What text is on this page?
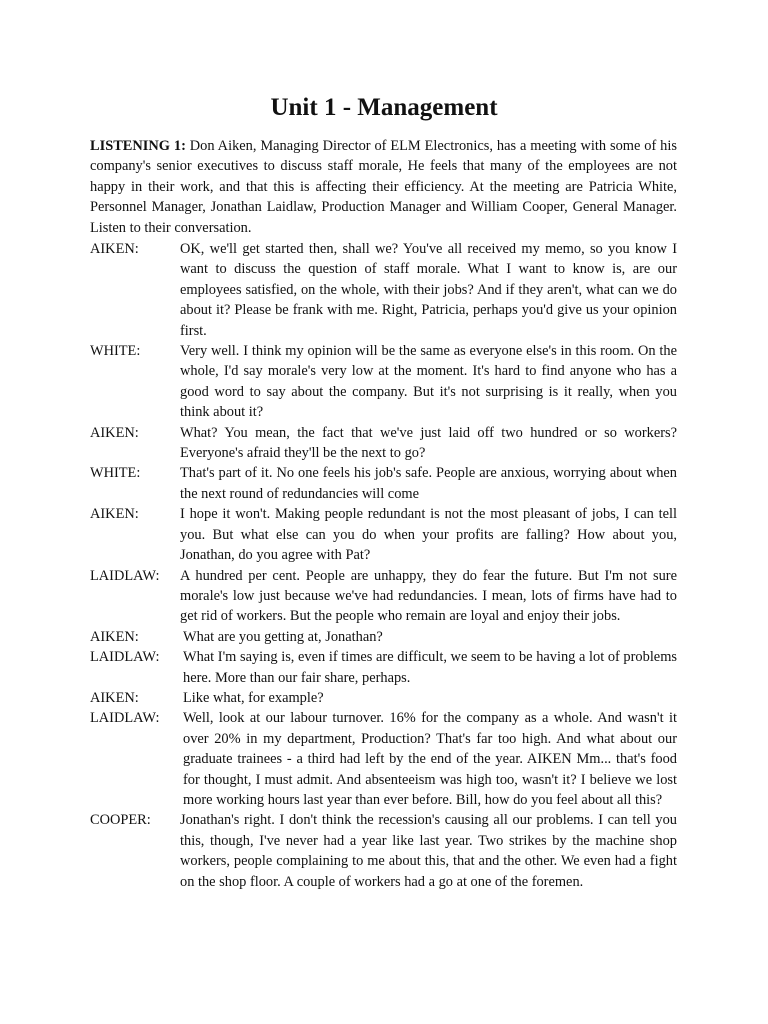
Unit 1 - Management

LISTENING 1: Don Aiken, Managing Director of ELM Electronics, has a meeting with some of his company's senior executives to discuss staff morale, He feels that many of the employees are not happy in their work, and that this is affecting their efficiency. At the meeting are Patricia White, Personnel Manager, Jonathan Laidlaw, Production Manager and William Cooper, General Manager. Listen to their conversation.

AIKEN:	OK, we'll get started then, shall we? You've all received my memo, so you know I want to discuss the question of staff morale. What I want to know is, are our employees satisfied, on the whole, with their jobs? And if they aren't, what can we do about it? Please be frank with me. Right, Patricia, perhaps you'd give us your opinion first.
WHITE:	Very well. I think my opinion will be the same as everyone else's in this room. On the whole, I'd say morale's very low at the moment. It's hard to find anyone who has a good word to say about the company. But it's not surprising is it really, when you think about it?
AIKEN:	What? You mean, the fact that we've just laid off two hundred or so workers? Everyone's afraid they'll be the next to go?
WHITE:	That's part of it. No one feels his job's safe. People are anxious, worrying about when the next round of redundancies will come
AIKEN:	I hope it won't. Making people redundant is not the most pleasant of jobs, I can tell you. But what else can you do when your profits are falling? How about you, Jonathan, do you agree with Pat?
LAIDLAW:	A hundred per cent. People are unhappy, they do fear the future. But I'm not sure morale's low just because we've had redundancies. I mean, lots of firms have had to get rid of workers. But the people who remain are loyal and enjoy their jobs.
AIKEN:	What are you getting at, Jonathan?
LAIDLAW:	What I'm saying is, even if times are difficult, we seem to be having a lot of problems here. More than our fair share, perhaps.
AIKEN:	Like what, for example?
LAIDLAW:	Well, look at our labour turnover. 16% for the company as a whole. And wasn't it over 20% in my department, Production? That's far too high. And what about our graduate trainees - a third had left by the end of the year. AIKEN Mm... that's food for thought, I must admit. And absenteeism was high too, wasn't it? I believe we lost more working hours last year than ever before. Bill, how do you feel about all this?
COOPER:	Jonathan's right. I don't think the recession's causing all our problems. I can tell you this, though, I've never had a year like last year. Two strikes by the machine shop workers, people complaining to me about this, that and the other. We even had a fight on the shop floor. A couple of workers had a go at one of the foremen.
